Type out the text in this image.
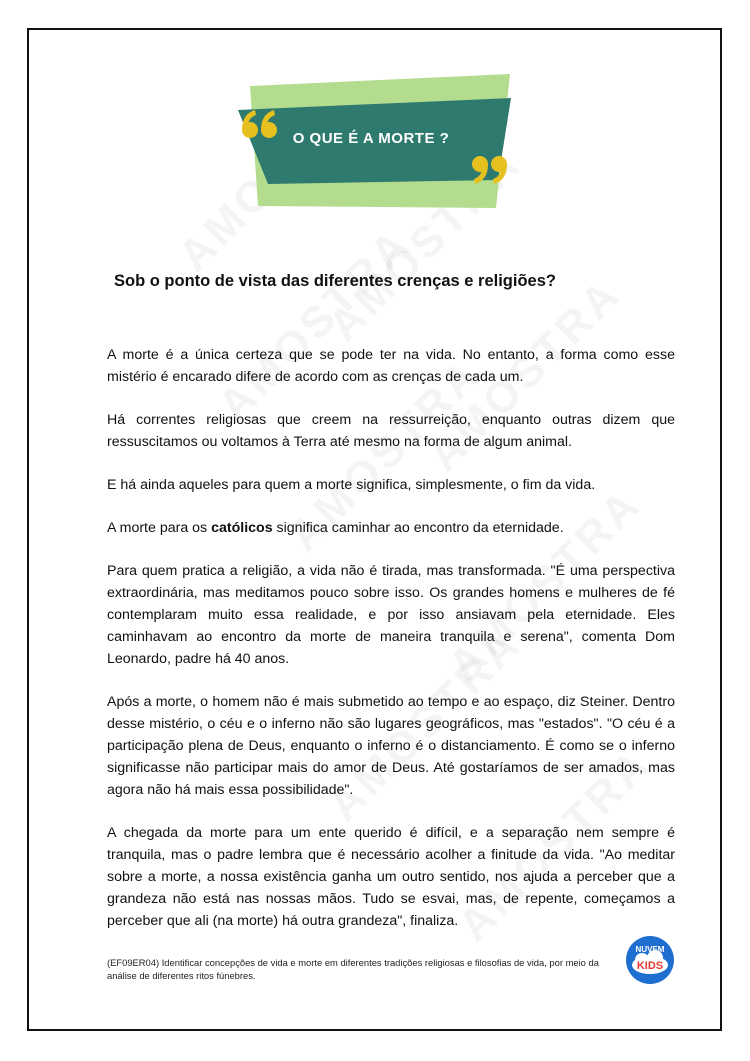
O QUE É A MORTE ?
Sob o ponto de vista das diferentes crenças e religiões?

A morte é a única certeza que se pode ter na vida. No entanto, a forma como esse mistério é encarado difere de acordo com as crenças de cada um.

Há correntes religiosas que creem na ressurreição, enquanto outras dizem que ressuscitamos ou voltamos à Terra até mesmo na forma de algum animal.

E há ainda aqueles para quem a morte significa, simplesmente, o fim da vida.

A morte para os católicos significa caminhar ao encontro da eternidade.

Para quem pratica a religião, a vida não é tirada, mas transformada. "É uma perspectiva extraordinária, mas meditamos pouco sobre isso. Os grandes homens e mulheres de fé contemplaram muito essa realidade, e por isso ansiavam pela eternidade. Eles caminhavam ao encontro da morte de maneira tranquila e serena", comenta Dom Leonardo, padre há 40 anos.

Após a morte, o homem não é mais submetido ao tempo e ao espaço, diz Steiner. Dentro desse mistério, o céu e o inferno não são lugares geográficos, mas "estados". "O céu é a participação plena de Deus, enquanto o inferno é o distanciamento. É como se o inferno significasse não participar mais do amor de Deus. Até gostaríamos de ser amados, mas agora não há mais essa possibilidade".

A chegada da morte para um ente querido é difícil, e a separação nem sempre é tranquila, mas o padre lembra que é necessário acolher a finitude da vida. "Ao meditar sobre a morte, a nossa existência ganha um outro sentido, nos ajuda a perceber que a grandeza não está nas nossas mãos. Tudo se esvai, mas, de repente, começamos a perceber que ali (na morte) há outra grandeza", finaliza.

(EF09ER04) Identificar concepções de vida e morte em diferentes tradições religiosas e filosofias de vida, por meio da análise de diferentes ritos fúnebres.
NUVEM
KIDS
